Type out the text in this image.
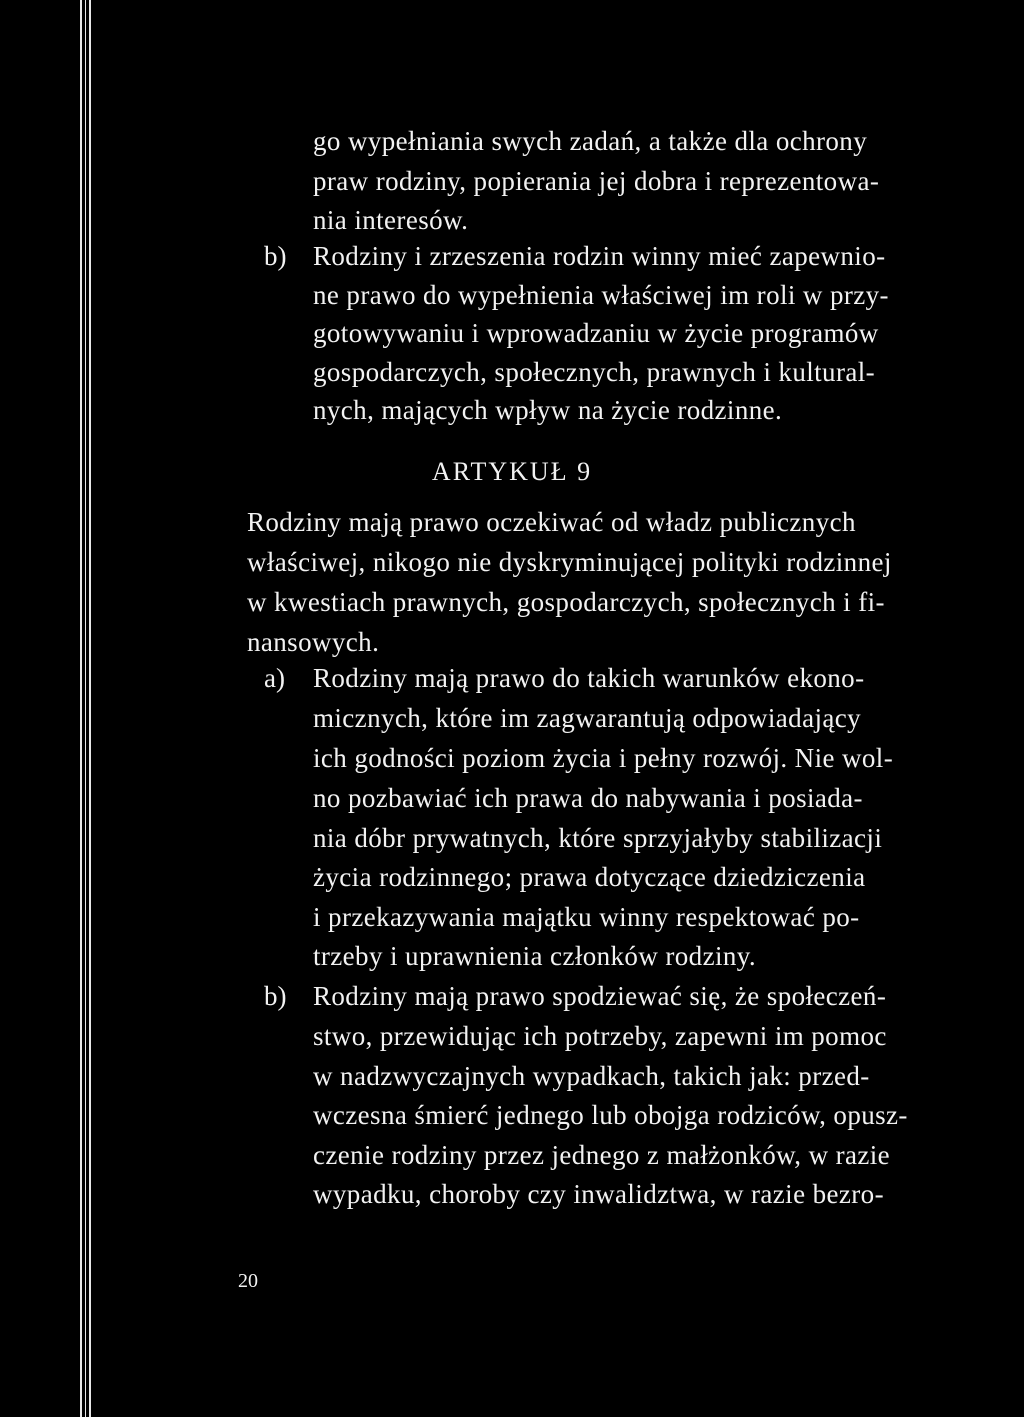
go wypełniania swych zadań, a także dla ochrony

praw rodziny, popierania jej dobra i reprezentowa-

nia interesów.

b) Rodziny i zrzeszenia rodzin winny mieć zapewnio-

ne prawo do wypełnienia właściwej im roli w przy-

gotowywaniu i wprowadzaniu w życie programów

gospodarczych, społecznych, prawnych i kultural-

nych, mających wpływ na życie rodzinne.

ARTYKUŁ 9

Rodziny mają prawo oczekiwać od władz publicznych

właściwej, nikogo nie dyskryminującej polityki rodzinnej

w kwestiach prawnych, gospodarczych, społecznych i fi-

nansowych.

a) Rodziny mają prawo do takich warunków ekono-

micznych, które im zagwarantują odpowiadający

ich godności poziom życia i pełny rozwój. Nie wol-

no pozbawiać ich prawa do nabywania i posiada-

nia dóbr prywatnych, które sprzyjałyby stabilizacji

życia rodzinnego; prawa dotyczące dziedziczenia

i przekazywania majątku winny respektować po-

trzeby i uprawnienia członków rodziny.

b) Rodziny mają prawo spodziewać się, że społeczeń-

stwo, przewidując ich potrzeby, zapewni im pomoc

w nadzwyczajnych wypadkach, takich jak: przed-

wczesna śmierć jednego lub obojga rodziców, opusz-

czenie rodziny przez jednego z małżonków, w razie

wypadku, choroby czy inwalidztwa, w razie bezro-

20
